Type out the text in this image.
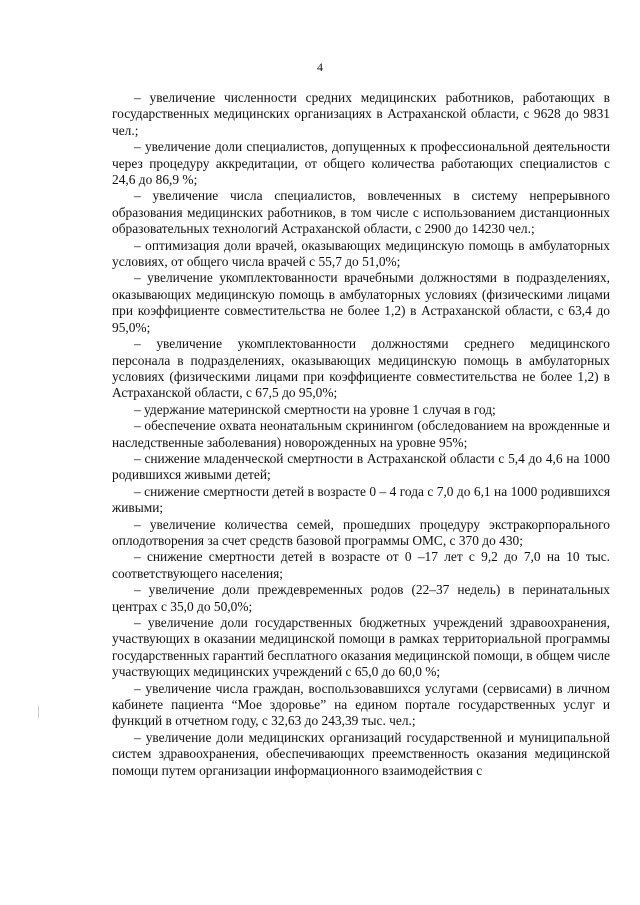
4

– увеличение численности средних медицинских работников, работающих в государственных медицинских организациях в Астраханской области, с 9628 до 9831 чел.;

– увеличение доли специалистов, допущенных к профессиональной деятельности через процедуру аккредитации, от общего количества работающих специалистов с 24,6 до 86,9 %;

– увеличение числа специалистов, вовлеченных в систему непрерывного образования медицинских работников, в том числе с использованием дистанционных образовательных технологий Астраханской области, с 2900 до 14230 чел.;

– оптимизация доли врачей, оказывающих медицинскую помощь в амбулаторных условиях, от общего числа врачей с 55,7 до 51,0%;

– увеличение укомплектованности врачебными должностями в подразделениях, оказывающих медицинскую помощь в амбулаторных условиях (физическими лицами при коэффициенте совместительства не более 1,2) в Астраханской области, с 63,4 до 95,0%;

– увеличение укомплектованности должностями среднего медицинского персонала в подразделениях, оказывающих медицинскую помощь в амбулаторных условиях (физическими лицами при коэффициенте совместительства не более 1,2) в Астраханской области, с 67,5 до 95,0%;

– удержание материнской смертности на уровне 1 случая в год;

– обеспечение охвата неонатальным скринингом (обследованием на врожденные и наследственные заболевания) новорожденных на уровне 95%;

– снижение младенческой смертности в Астраханской области с 5,4 до 4,6 на 1000 родившихся живыми детей;

– снижение смертности детей в возрасте 0 – 4 года с 7,0 до 6,1 на 1000 родившихся живыми;

– увеличение количества семей, прошедших процедуру экстракорпорального оплодотворения за счет средств базовой программы ОМС, с 370 до 430;

– снижение смертности детей в возрасте от 0 –17 лет с 9,2 до 7,0 на 10 тыс. соответствующего населения;

– увеличение доли преждевременных родов (22–37 недель) в перинатальных центрах с 35,0 до 50,0%;

– увеличение доли государственных бюджетных учреждений здравоохранения, участвующих в оказании медицинской помощи в рамках территориальной программы государственных гарантий бесплатного оказания медицинской помощи, в общем числе участвующих медицинских учреждений с 65,0 до 60,0 %;

– увеличение числа граждан, воспользовавшихся услугами (сервисами) в личном кабинете пациента “Мое здоровье” на едином портале государственных услуг и функций в отчетном году, с 32,63 до 243,39 тыс. чел.;

– увеличение доли медицинских организаций государственной и муниципальной систем здравоохранения, обеспечивающих преемственность оказания медицинской помощи путем организации информационного взаимодействия с
